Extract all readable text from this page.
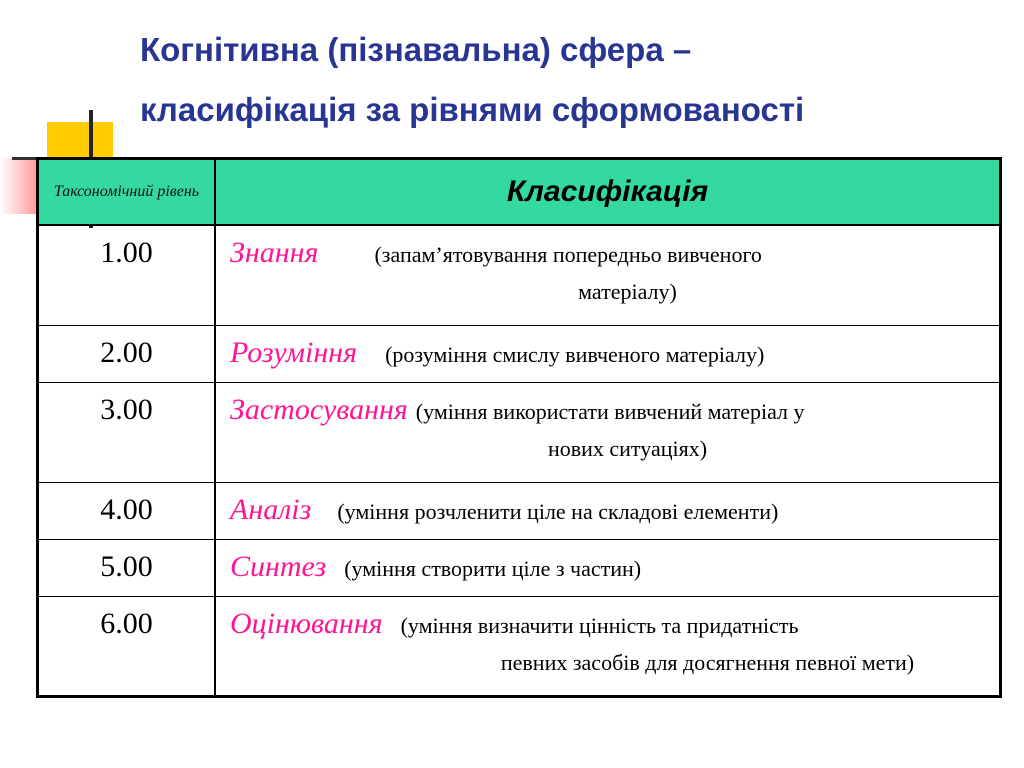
Когнітивна (пізнавальна) сфера –
класифікація за рівнями сформованості
Таксономічний рівень	Класифікація

1.00	Знання (запам’ятовування попередньо вивченого
матеріалу)

2.00	Розуміння (розуміння смислу вивченого матеріалу)

3.00	Застосування (уміння використати вивчений матеріал у
нових ситуаціях)

4.00	Аналіз (уміння розчленити ціле на складові елементи)

5.00	Синтез (уміння створити ціле з частин)

6.00	Оцінювання (уміння визначити цінність та придатність
певних засобів для досягнення певної мети)
